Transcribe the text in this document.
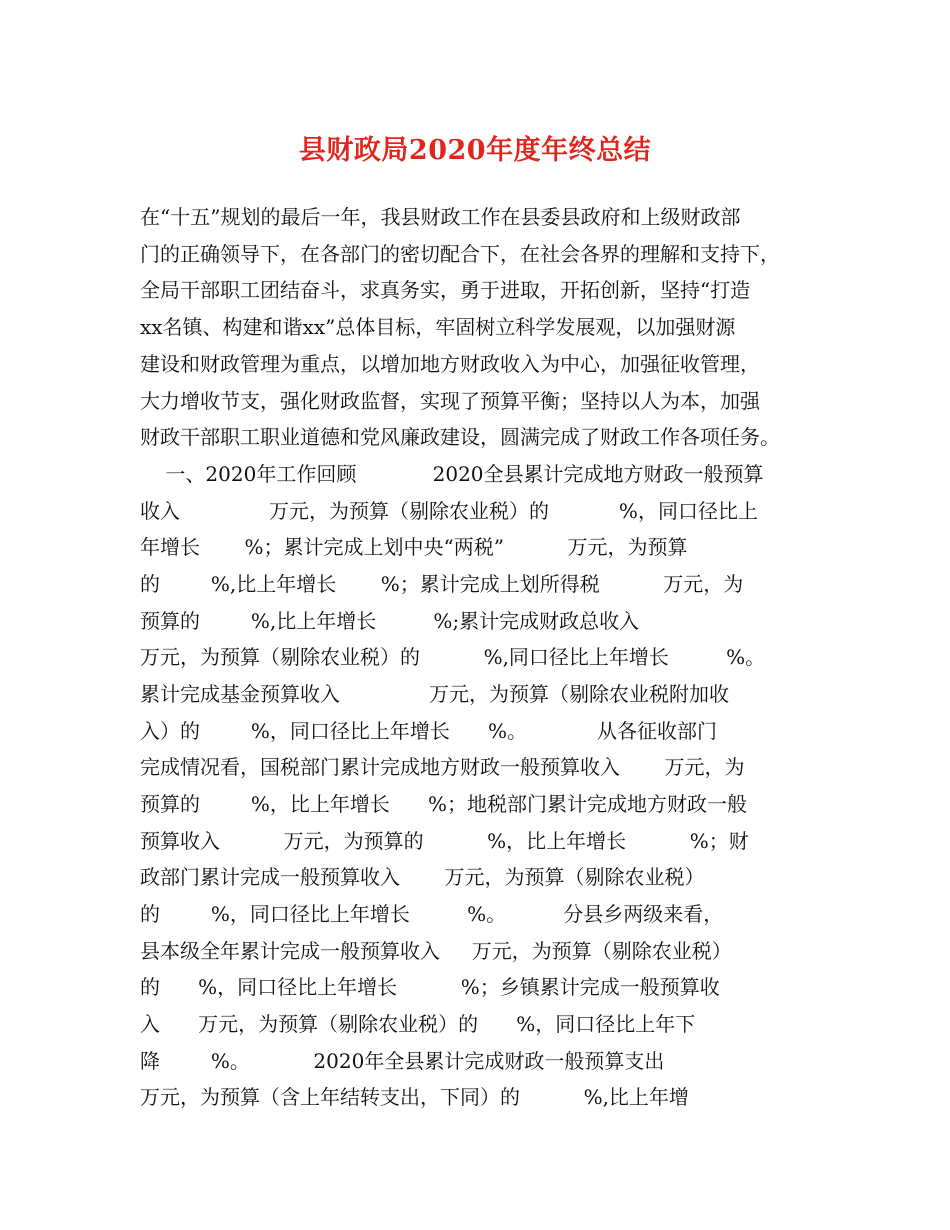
县财政局2020年度年终总结
在“十五”规划的最后一年，我县财政工作在县委县政府和上级财政部
门的正确领导下，在各部门的密切配合下，在社会各界的理解和支持下，
全局干部职工团结奋斗，求真务实，勇于进取，开拓创新，坚持“打造
xx名镇、构建和谐xx”总体目标，牢固树立科学发展观，以加强财源
建设和财政管理为重点，以增加地方财政收入为中心，加强征收管理，
大力增收节支，强化财政监督，实现了预算平衡；坚持以人为本，加强
财政干部职工职业道德和党风廉政建设，圆满完成了财政工作各项任务。
一、2020年工作回顾            2020全县累计完成地方财政一般预算
收入              万元，为预算（剔除农业税）的           %，同口径比上
年增长       %；累计完成上划中央“两税”          万元，为预算
的        %,比上年增长       %；累计完成上划所得税          万元，为
预算的        %,比上年增长         %;累计完成财政总收入
万元，为预算（剔除农业税）的          %,同口径比上年增长         %。
累计完成基金预算收入              万元，为预算（剔除农业税附加收
入）的        %，同口径比上年增长      %。           从各征收部门
完成情况看，国税部门累计完成地方财政一般预算收入       万元，为
预算的        %，比上年增长      %；地税部门累计完成地方财政一般
预算收入          万元，为预算的          %，比上年增长          %；财
政部门累计完成一般预算收入       万元，为预算（剔除农业税）
的        %，同口径比上年增长         %。         分县乡两级来看，
县本级全年累计完成一般预算收入     万元，为预算（剔除农业税）
的      %，同口径比上年增长          %；乡镇累计完成一般预算收
入      万元，为预算（剔除农业税）的      %，同口径比上年下
降        %。          2020年全县累计完成财政一般预算支出
万元，为预算（含上年结转支出，下同）的          %,比上年增
